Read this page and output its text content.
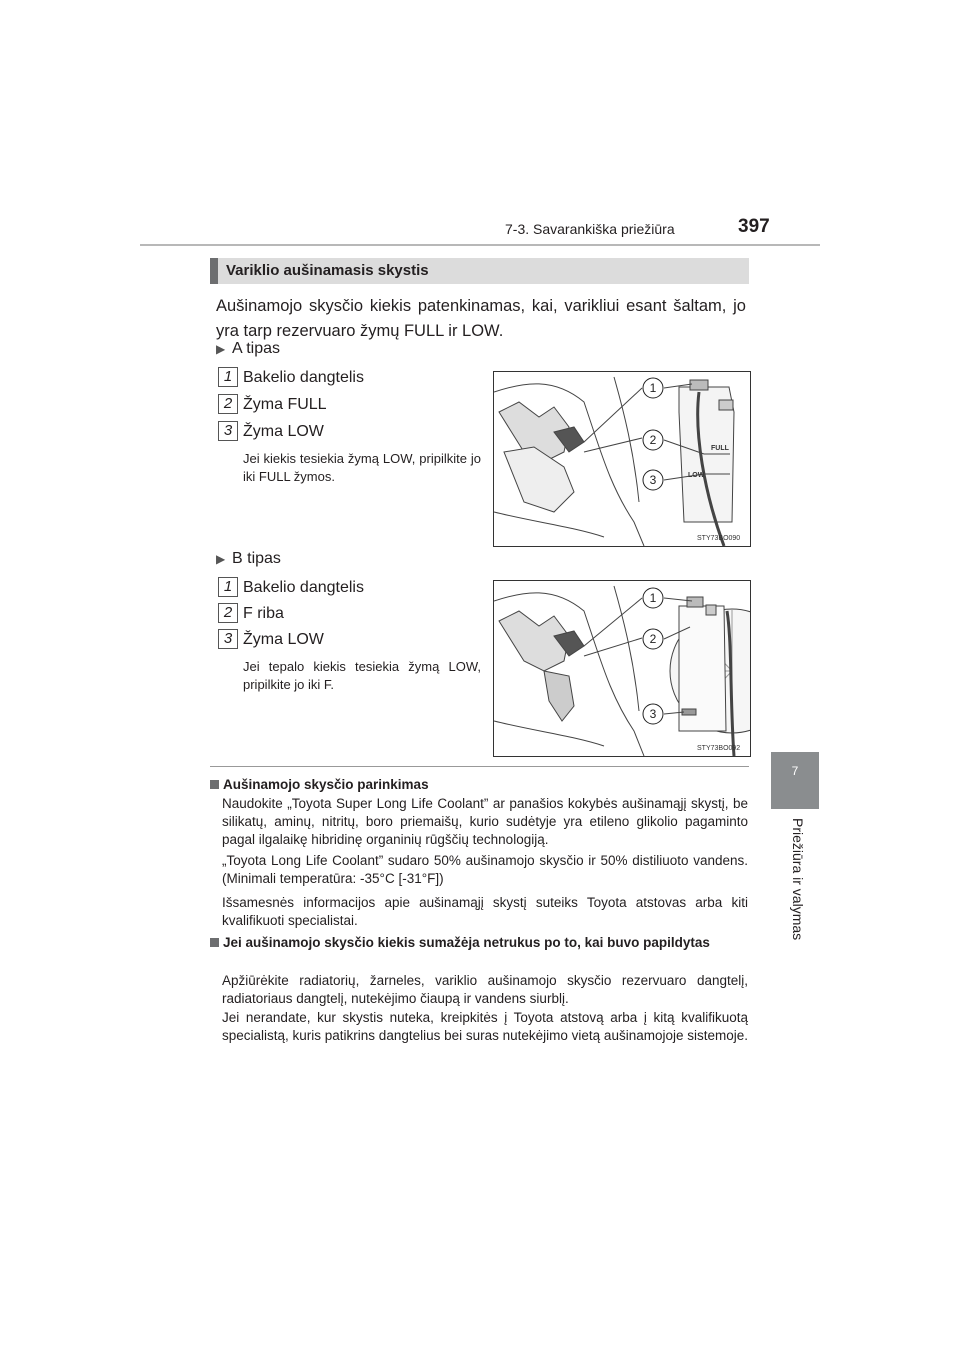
7-3. Savarankiška priežiūra	397
7
Priežiūra ir valymas
Variklio aušinamasis skystis
Aušinamojo skysčio kiekis patenkinamas, kai, varikliui esant šaltam, jo yra tarp rezervuaro žymų FULL ir LOW.
▶ A tipas
1 Bakelio dangtelis
2 Žyma FULL
3 Žyma LOW
Jei kiekis tesiekia žymą LOW, pripilkite jo iki FULL žymos.
1
2
3
FULL
LOW
STY73BO090
▶ B tipas
1 Bakelio dangtelis
2 F riba
3 Žyma LOW
Jei tepalo kiekis tesiekia žymą LOW, pripilkite jo iki F.
1
2
3
STY73BO092
Aušinamojo skysčio parinkimas
Naudokite „Toyota Super Long Life Coolant” ar panašios kokybės aušinamąjį skystį, be silikatų, aminų, nitritų, boro priemaišų, kurio sudėtyje yra etileno glikolio pagaminto pagal ilgalaikę hibridinę organinių rūgščių technologiją.
„Toyota Long Life Coolant” sudaro 50% aušinamojo skysčio ir 50% distiliuoto vandens. (Minimali temperatūra: -35°C [-31°F])
Išsamesnės informacijos apie aušinamąjį skystį suteiks Toyota atstovas arba kiti kvalifikuoti specialistai.
Jei aušinamojo skysčio kiekis sumažėja netrukus po to, kai buvo papildytas
Apžiūrėkite radiatorių, žarneles, variklio aušinamojo skysčio rezervuaro dangtelį, radiatoriaus dangtelį, nutekėjimo čiaupą ir vandens siurblį.
Jei nerandate, kur skystis nuteka, kreipkitės į Toyota atstovą arba į kitą kvalifikuotą specialistą, kuris patikrins dangtelius bei suras nutekėjimo vietą aušinamojoje sistemoje.
